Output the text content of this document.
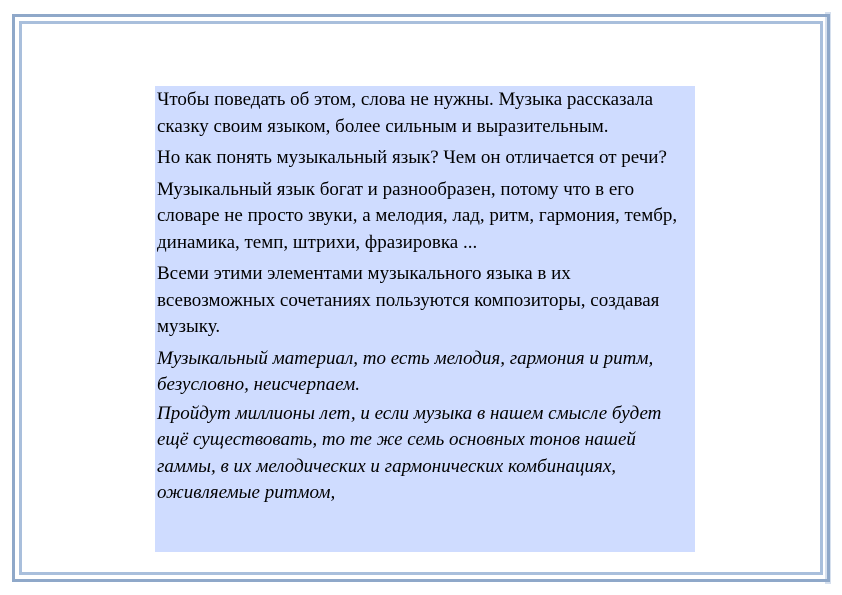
Чтобы поведать об этом, слова не нужны. Музыка рассказала сказку своим языком, более сильным и выразительным.

Но как понять музыкальный язык? Чем он отличается от речи?

Музыкальный язык богат и разнообразен, потому что в его словаре не просто звуки, а мелодия, лад, ритм, гармония, тембр, динамика, темп, штрихи, фразировка ...

Всеми этими элементами музыкального языка в их всевозможных сочетаниях пользуются композиторы, создавая музыку.

Музыкальный материал, то есть мелодия, гармония и ритм, безусловно, неисчерпаем.

Пройдут миллионы лет, и если музыка в нашем смысле будет ещё существовать, то те же семь основных тонов нашей гаммы, в их мелодических и гармонических комбинациях, оживляемые ритмом,
